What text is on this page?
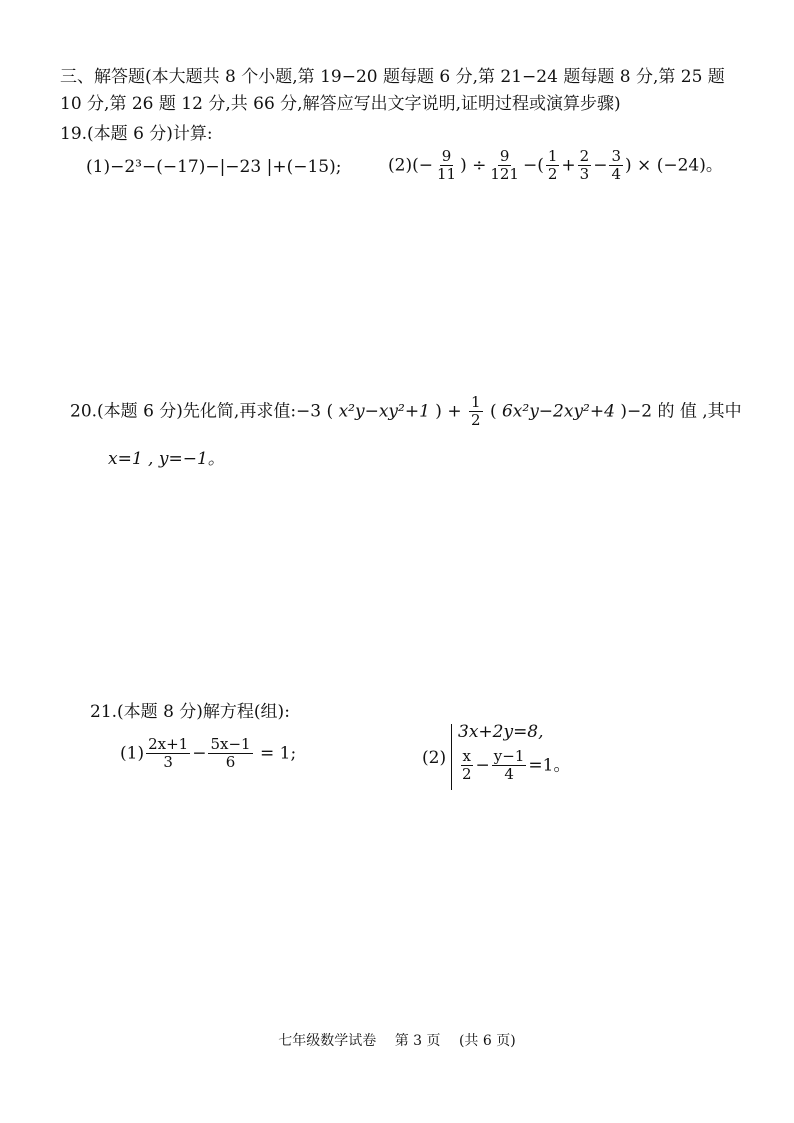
三、解答题(本大题共 8 个小题,第 19−20 题每题 6 分,第 21−24 题每题 8 分,第 25 题
10 分,第 26 题 12 分,共 66 分,解答应写出文字说明,证明过程或演算步骤)
19.(本题 6 分)计算:
(1)−2³−(−17)−|−23 |+(−15);	$(2)(- \frac{9}{11}$ ) ÷ $\frac{9}{121}$ −( $\frac{1}{2} + \frac{2}{3} - \frac{3}{4}$ ) × (−24)。
20.(本题 6 分)先化简,再求值:−3 ( x²y−xy²+1 ) + $\frac{1}{2}$ ( 6x²y−2xy²+4 )−2 的 值 ,其中
x=1 , y=−1。
21.(本题 8 分)解方程(组):
$(1) \frac{2x+1}{3} - \frac{5x-1}{6} = 1$;	(2)
3x+2y=8,
$\frac{x}{2} - \frac{y-1}{4} =1$。
七年级数学试卷　 第 3 页　 (共 6 页)
